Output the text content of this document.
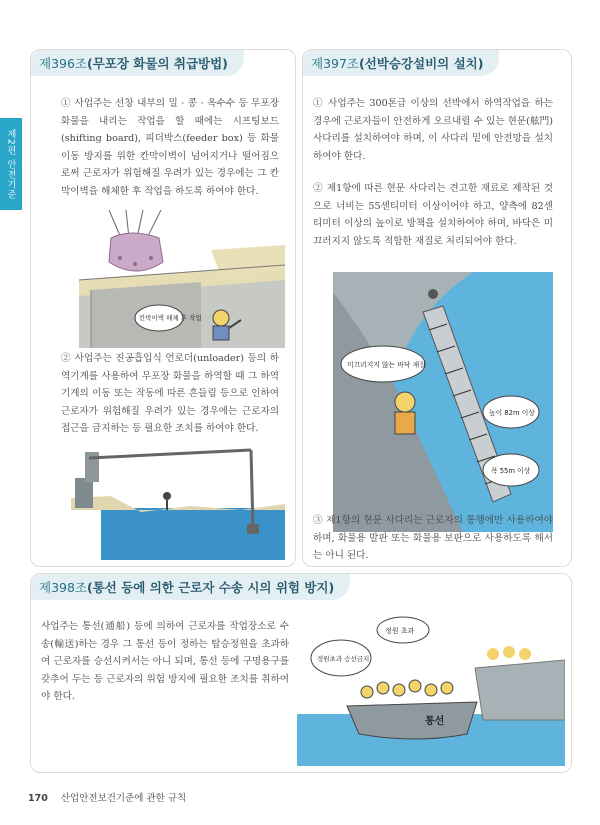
제2편 안전기준
제396조 (무포장 화물의 취급방법)
① 사업주는 선창 내부의 밀 · 콩 · 옥수수 등 무포장 화물을 내리는 작업을 할 때에는 시프팅보드(shifting board), 피더박스(feeder box) 등 화물 이동 방지를 위한 칸막이벽이 넘어지거나 떨어짐으로써 근로자가 위험해질 우려가 있는 경우에는 그 칸막이벽을 해체한 후 작업을 하도록 하여야 한다.
칸막이벽 해체 후 작업
② 사업주는 진공흡입식 언로더(unloader) 등의 하역기계를 사용하여 무포장 화물을 하역할 때 그 하역기계의 이동 또는 작동에 따른 흔들림 등으로 인하여 근로자가 위험해질 우려가 있는 경우에는 근로자의 접근을 금지하는 등 필요한 조치를 하여야 한다.
제397조 (선박승강설비의 설치)
① 사업주는 300톤급 이상의 선박에서 하역작업을 하는 경우에 근로자들이 안전하게 오르내릴 수 있는 현문(舷門) 사다리를 설치하여야 하며, 이 사다리 밑에 안전망을 설치하여야 한다.
② 제1항에 따른 현문 사다리는 견고한 재료로 제작된 것으로 너비는 55센티미터 이상이어야 하고, 양측에 82센티미터 이상의 높이로 방책을 설치하여야 하며, 바닥은 미끄러지지 않도록 적합한 재질로 처리되어야 한다.
미끄러지지 않는 바닥 재질
높이 82m 이상
폭 55m 이상
③ 제1항의 현문 사다리는 근로자의 통행에만 사용하여야 하며, 화물용 발판 또는 화물용 보판으로 사용하도록 해서는 아니 된다.
제398조 (통선 등에 의한 근로자 수송 시의 위험 방지)
사업주는 통선(通船) 등에 의하여 근로자를 작업장소로 수송(輸送)하는 경우 그 통선 등이 정하는 탑승정원을 초과하여 근로자를 승선시켜서는 아니 되며, 통선 등에 구명용구를 갖추어 두는 등 근로자의 위험 방지에 필요한 조치를 취하여야 한다.
정원 초과
정원초과 승선금지
통선
170 산업안전보건기준에 관한 규칙
